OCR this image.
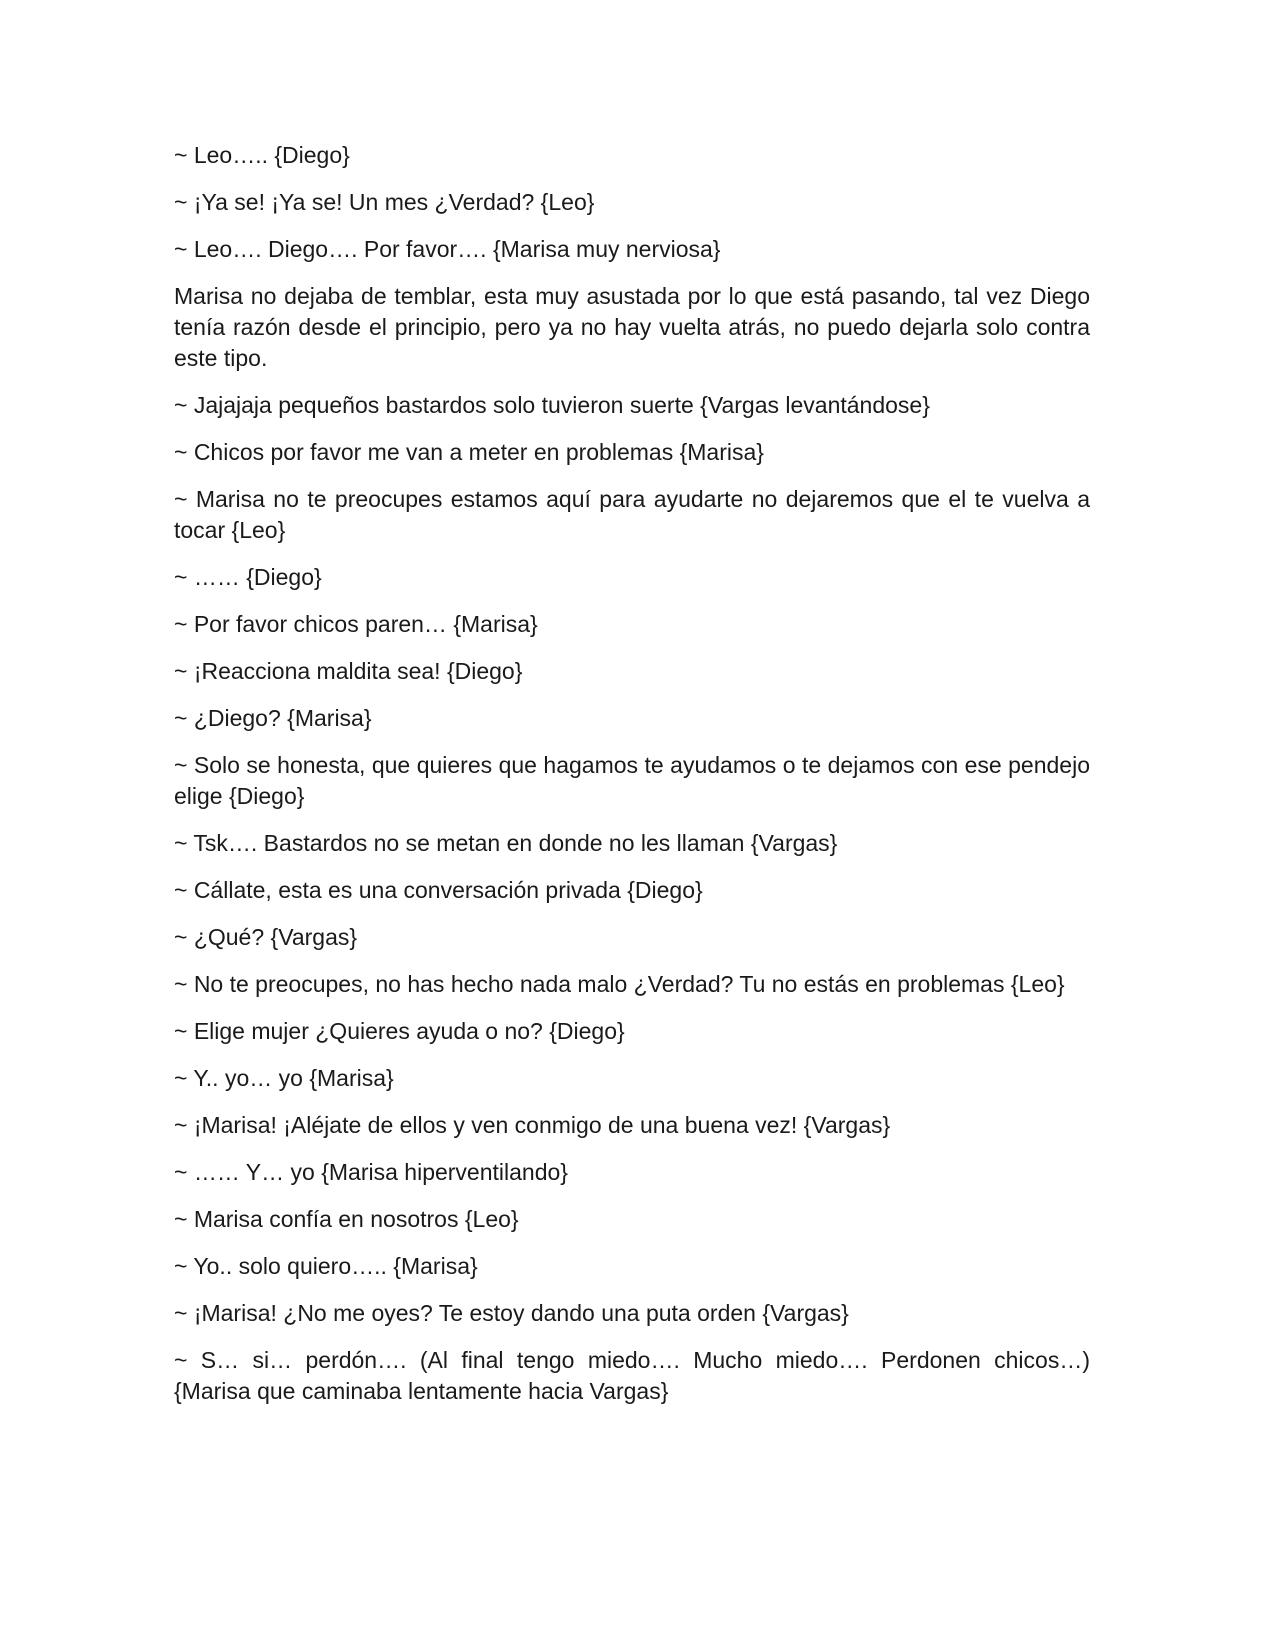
~ Leo….. {Diego}

~ ¡Ya se! ¡Ya se! Un mes ¿Verdad? {Leo}

~ Leo…. Diego…. Por favor…. {Marisa muy nerviosa}

Marisa no dejaba de temblar, esta muy asustada por lo que está pasando, tal vez Diego tenía razón desde el principio, pero ya no hay vuelta atrás, no puedo dejarla solo contra este tipo.

~ Jajajaja pequeños bastardos solo tuvieron suerte {Vargas levantándose}

~ Chicos por favor me van a meter en problemas {Marisa}

~ Marisa no te preocupes estamos aquí para ayudarte no dejaremos que el te vuelva a tocar {Leo}

~ …… {Diego}

~ Por favor chicos paren… {Marisa}

~ ¡Reacciona maldita sea! {Diego}

~ ¿Diego? {Marisa}

~ Solo se honesta, que quieres que hagamos te ayudamos o te dejamos con ese pendejo elige {Diego}

~ Tsk…. Bastardos no se metan en donde no les llaman {Vargas}

~ Cállate, esta es una conversación privada {Diego}

~ ¿Qué? {Vargas}

~ No te preocupes, no has hecho nada malo ¿Verdad? Tu no estás en problemas {Leo}

~ Elige mujer ¿Quieres ayuda o no? {Diego}

~ Y.. yo… yo {Marisa}

~ ¡Marisa! ¡Aléjate de ellos y ven conmigo de una buena vez! {Vargas}

~ …… Y… yo {Marisa hiperventilando}

~ Marisa confía en nosotros {Leo}

~ Yo.. solo quiero….. {Marisa}

~ ¡Marisa! ¿No me oyes? Te estoy dando una puta orden {Vargas}

~ S… si… perdón…. (Al final tengo miedo…. Mucho miedo…. Perdonen chicos…) {Marisa que caminaba lentamente hacia Vargas}
